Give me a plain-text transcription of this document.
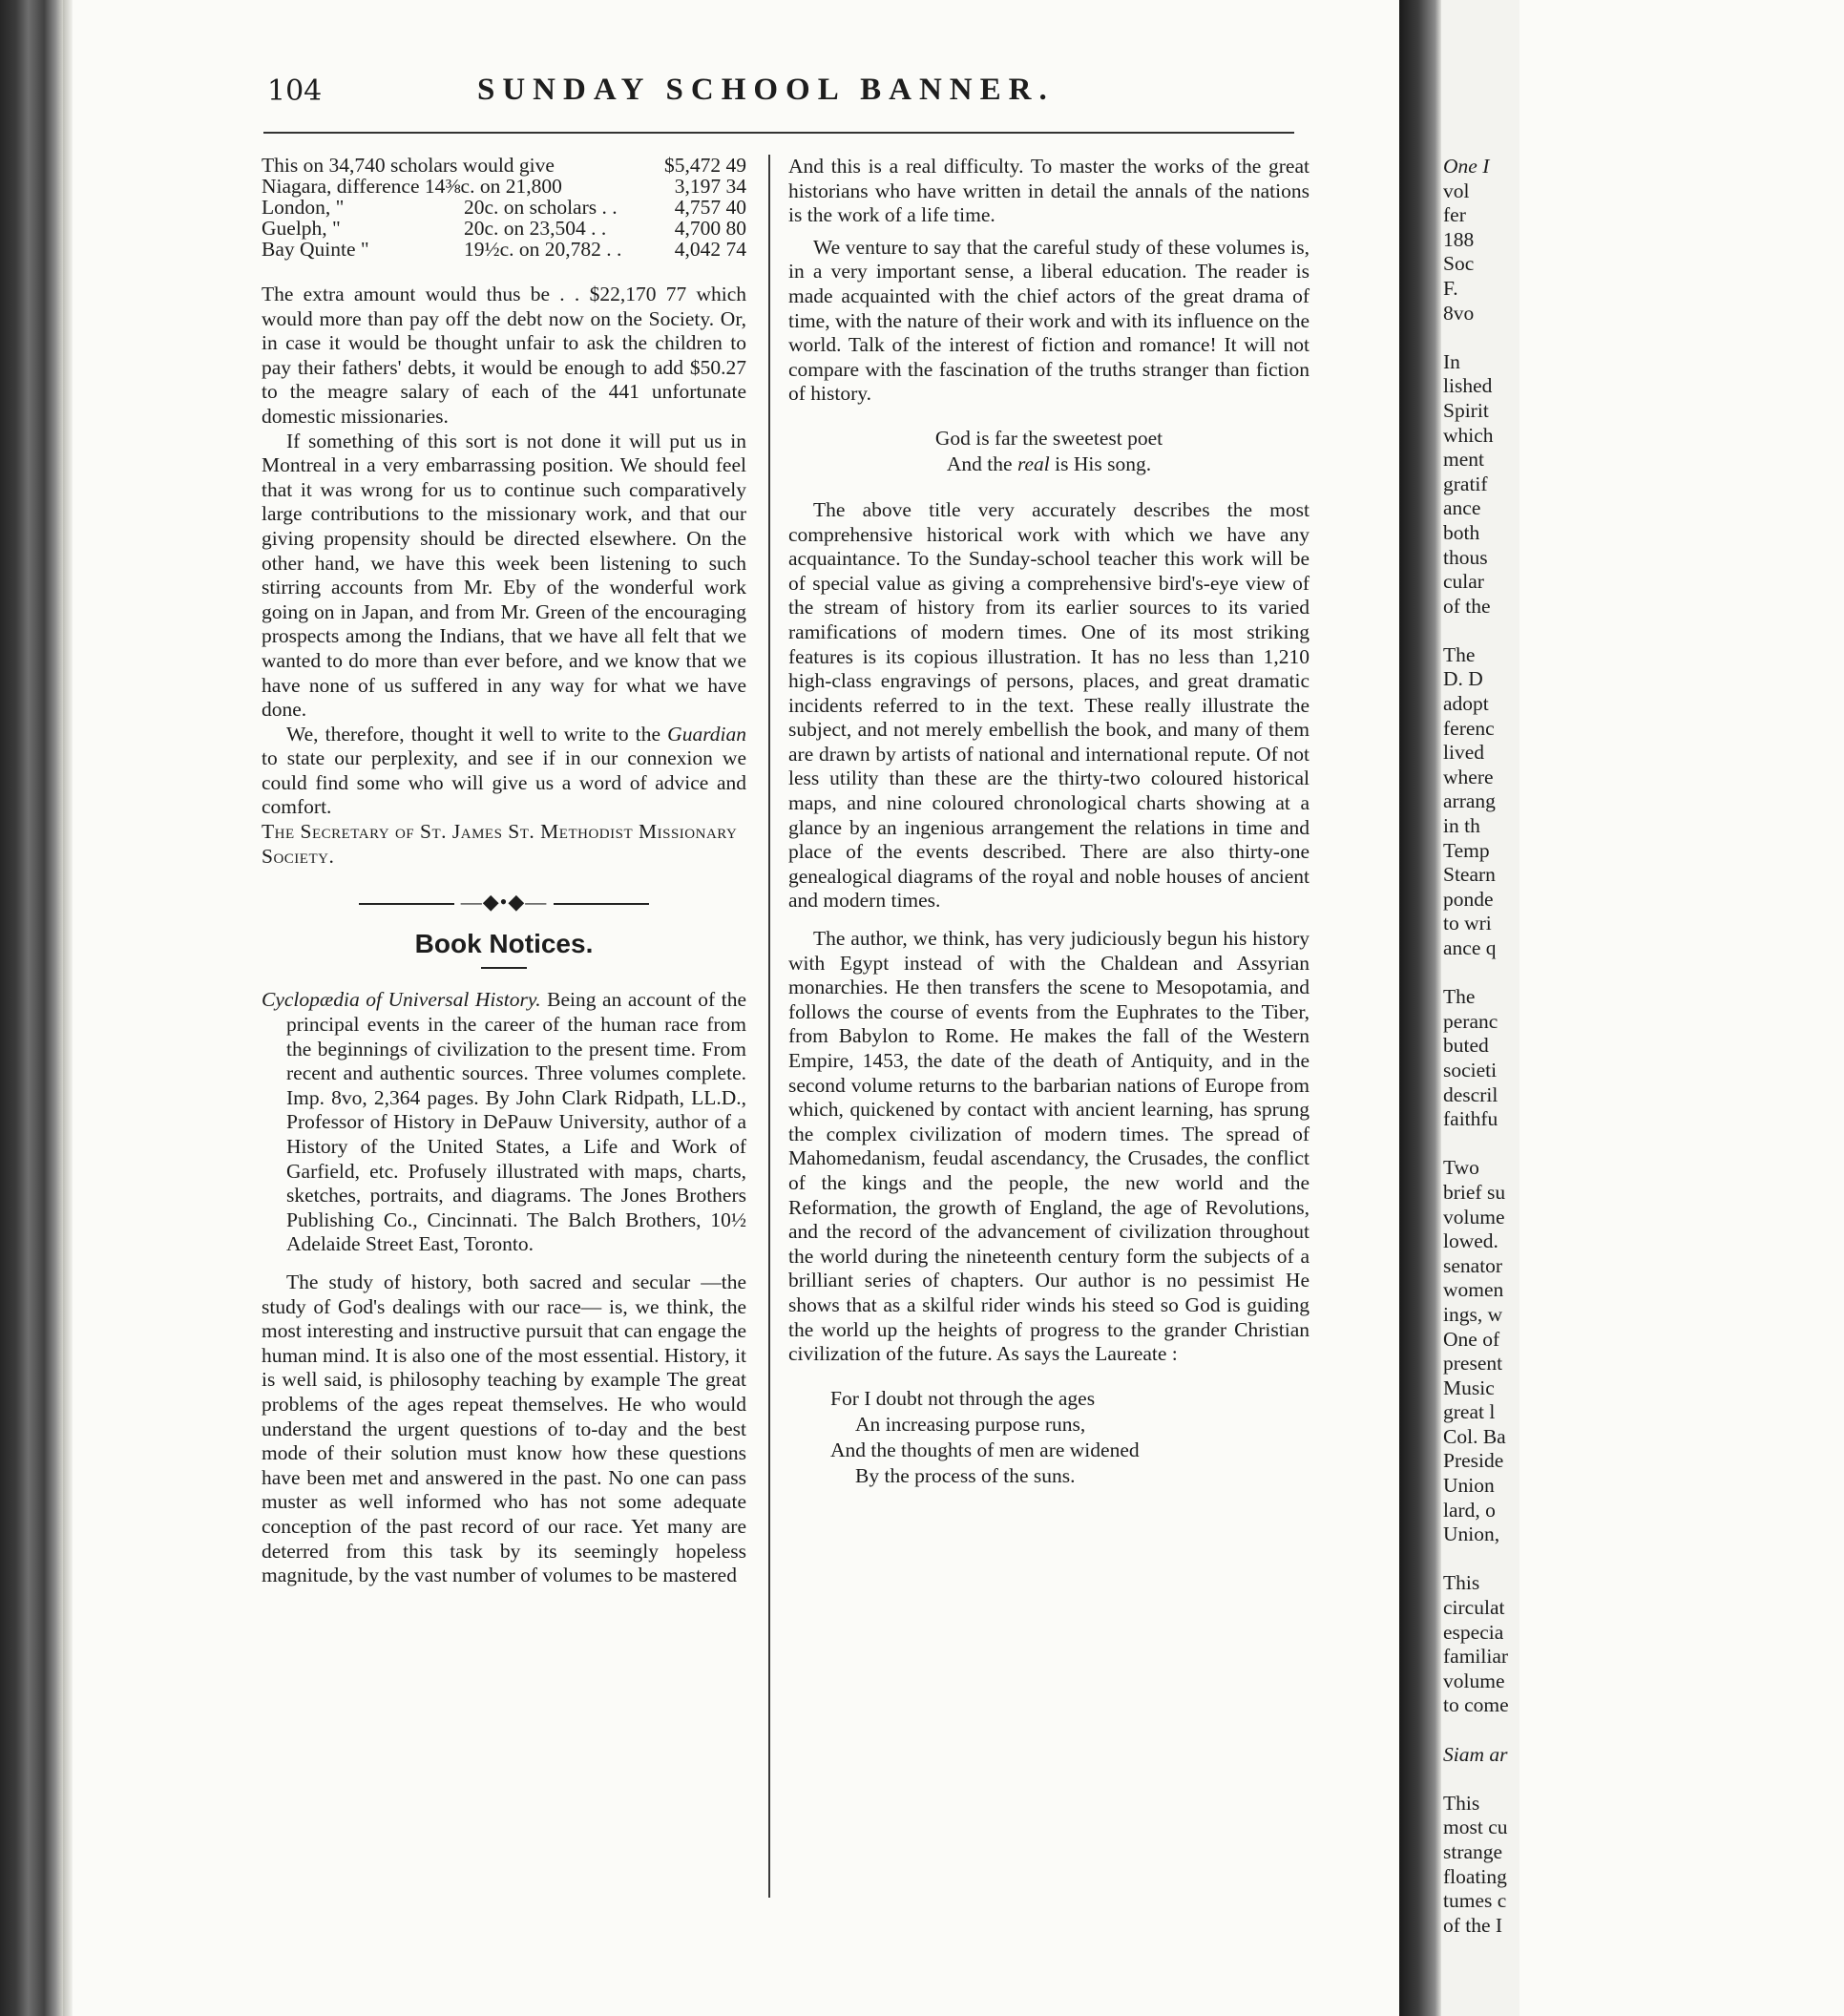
104	SUNDAY SCHOOL BANNER.
This on 34,740 scholars would give	$5,472 49
Niagara, difference 14⅜c. on 21,800	3,197 34
London, "	20c. on scholars . .	4,757 40
Guelph, "	20c. on 23,504 . .	4,700 80
Bay Quinte "	19½c. on 20,782 . .	4,042 74

The extra amount would thus be . . $22,170 77 which would more than pay off the debt now on the Society. Or, in case it would be thought unfair to ask the children to pay their fathers' debts, it would be enough to add $50.27 to the meagre salary of each of the 441 unfortunate domestic missionaries.

If something of this sort is not done it will put us in Montreal in a very embarrassing position. We should feel that it was wrong for us to continue such comparatively large contributions to the missionary work, and that our giving propensity should be directed elsewhere. On the other hand, we have this week been listening to such stirring accounts from Mr. Eby of the wonderful work going on in Japan, and from Mr. Green of the encouraging prospects among the Indians, that we have all felt that we wanted to do more than ever before, and we know that we have none of us suffered in any way for what we have done.

We, therefore, thought it well to write to the Guardian to state our perplexity, and see if in our connexion we could find some who will give us a word of advice and comfort.

The Secretary of St. James St. Methodist Missionary Society.

—◆•◆—
Book Notices.

Cyclopædia of Universal History. Being an account of the principal events in the career of the human race from the beginnings of civilization to the present time. From recent and authentic sources. Three volumes complete. Imp. 8vo, 2,364 pages. By John Clark Ridpath, LL.D., Professor of History in DePauw University, author of a History of the United States, a Life and Work of Garfield, etc. Profusely illustrated with maps, charts, sketches, portraits, and diagrams. The Jones Brothers Publishing Co., Cincinnati. The Balch Brothers, 10½ Adelaide Street East, Toronto.

The study of history, both sacred and secular —the study of God's dealings with our race— is, we think, the most interesting and instructive pursuit that can engage the human mind. It is also one of the most essential. History, it is well said, is philosophy teaching by example The great problems of the ages repeat themselves. He who would understand the urgent questions of to-day and the best mode of their solution must know how these questions have been met and answered in the past. No one can pass muster as well informed who has not some adequate conception of the past record of our race. Yet many are deterred from this task by its seemingly hopeless magnitude, by the vast number of volumes to be mastered

And this is a real difficulty. To master the works of the great historians who have written in detail the annals of the nations is the work of a life time.

We venture to say that the careful study of these volumes is, in a very important sense, a liberal education. The reader is made acquainted with the chief actors of the great drama of time, with the nature of their work and with its influence on the world. Talk of the interest of fiction and romance! It will not compare with the fascination of the truths stranger than fiction of history.

God is far the sweetest poet
And the real is His song.

The above title very accurately describes the most comprehensive historical work with which we have any acquaintance. To the Sunday-school teacher this work will be of special value as giving a comprehensive bird's-eye view of the stream of history from its earlier sources to its varied ramifications of modern times. One of its most striking features is its copious illustration. It has no less than 1,210 high-class engravings of persons, places, and great dramatic incidents referred to in the text. These really illustrate the subject, and not merely embellish the book, and many of them are drawn by artists of national and international repute. Of not less utility than these are the thirty-two coloured historical maps, and nine coloured chronological charts showing at a glance by an ingenious arrangement the relations in time and place of the events described. There are also thirty-one genealogical diagrams of the royal and noble houses of ancient and modern times.

The author, we think, has very judiciously begun his history with Egypt instead of with the Chaldean and Assyrian monarchies. He then transfers the scene to Mesopotamia, and follows the course of events from the Euphrates to the Tiber, from Babylon to Rome. He makes the fall of the Western Empire, 1453, the date of the death of Antiquity, and in the second volume returns to the barbarian nations of Europe from which, quickened by contact with ancient learning, has sprung the complex civilization of modern times. The spread of Mahomedanism, feudal ascendancy, the Crusades, the conflict of the kings and the people, the new world and the Reformation, the growth of England, the age of Revolutions, and the record of the advancement of civilization throughout the world during the nineteenth century form the subjects of a brilliant series of chapters. Our author is no pessimist He shows that as a skilful rider winds his steed so God is guiding the world up the heights of progress to the grander Christian civilization of the future. As says the Laureate :

For I doubt not through the ages
An increasing purpose runs,
And the thoughts of men are widened
By the process of the suns.
One I
vol
fer
188
Soc
F.
8vo
In
lished
Spirit
which
ment
gratif
ance
both
thous
cular
of the
The
D. D
adopt
ferenc
lived
where
arrang
in th
Temp
Stearn
ponde
to wri
ance q
The
peranc
buted
societi
descril
faithfu
Two
brief su
volume
lowed.
senator
women
ings, w
One of
present
Music
great l
Col. Ba
Preside
Union
lard, o
Union,
This
circulat
especia
familiar
volume
to come
Siam ar
This
most cu
strange
floating
tumes c
of the I
